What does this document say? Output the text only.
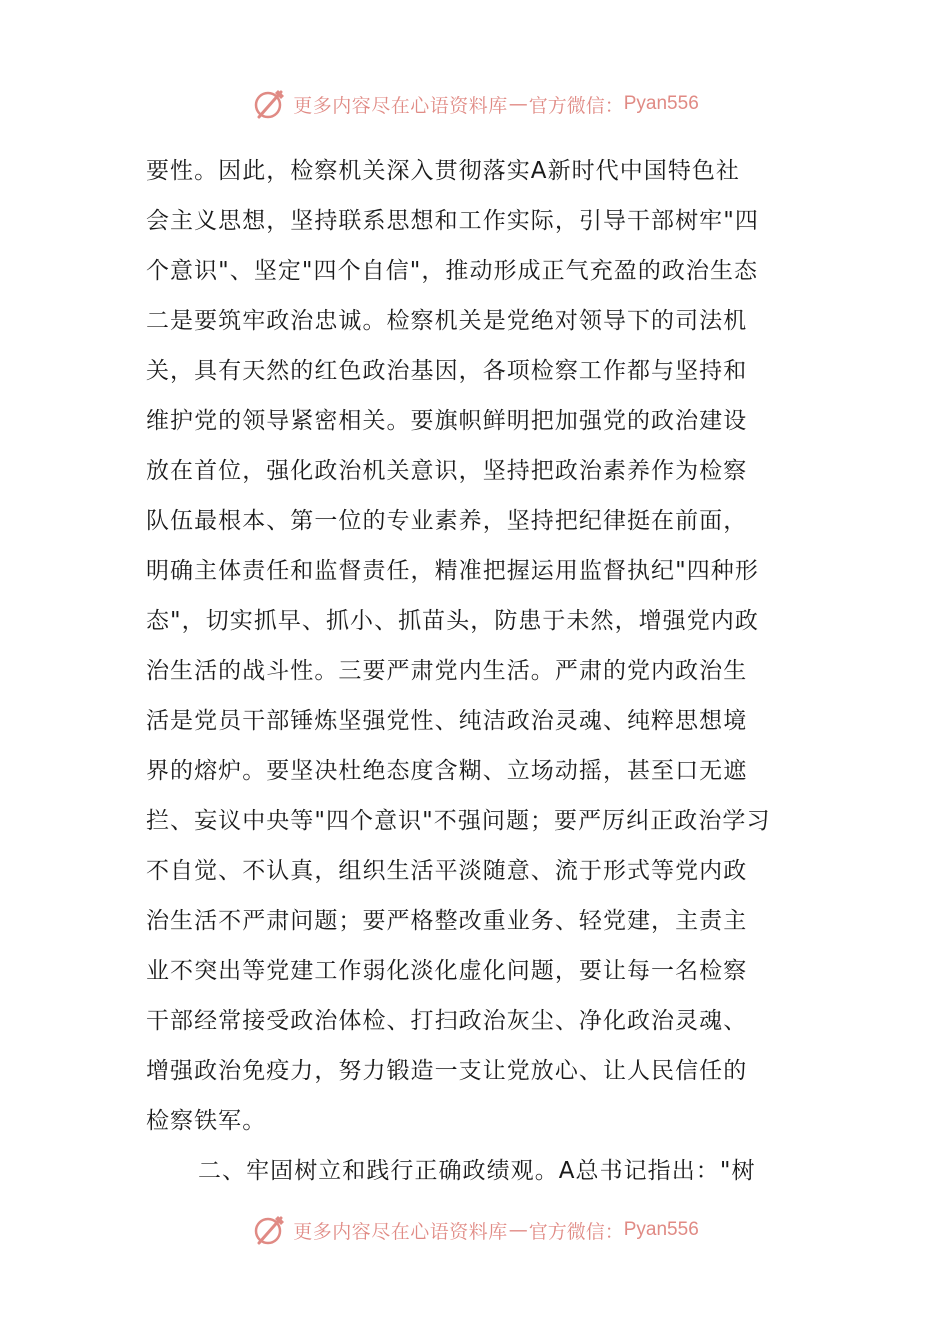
更多内容尽在心语资料库 — 官方微信： Pyan556
要性。因此，检察机关深入贯彻落实A新时代中国特色社
会主义思想，坚持联系思想和工作实际，引导干部树牢"四
个意识"、坚定"四个自信"，推动形成正气充盈的政治生态
二是要筑牢政治忠诚。检察机关是党绝对领导下的司法机
关，具有天然的红色政治基因，各项检察工作都与坚持和
维护党的领导紧密相关。要旗帜鲜明把加强党的政治建设
放在首位，强化政治机关意识，坚持把政治素养作为检察
队伍最根本、第一位的专业素养，坚持把纪律挺在前面，
明确主体责任和监督责任，精准把握运用监督执纪"四种形
态"，切实抓早、抓小、抓苗头，防患于未然，增强党内政
治生活的战斗性。三要严肃党内生活。严肃的党内政治生
活是党员干部锤炼坚强党性、纯洁政治灵魂、纯粹思想境
界的熔炉。要坚决杜绝态度含糊、立场动摇，甚至口无遮
拦、妄议中央等"四个意识"不强问题；要严厉纠正政治学习
不自觉、不认真，组织生活平淡随意、流于形式等党内政
治生活不严肃问题；要严格整改重业务、轻党建，主责主
业不突出等党建工作弱化淡化虚化问题，要让每一名检察
干部经常接受政治体检、打扫政治灰尘、净化政治灵魂、
增强政治免疫力，努力锻造一支让党放心、让人民信任的
检察铁军。
二、牢固树立和践行正确政绩观。A总书记指出："树
更多内容尽在心语资料库 — 官方微信： Pyan556
